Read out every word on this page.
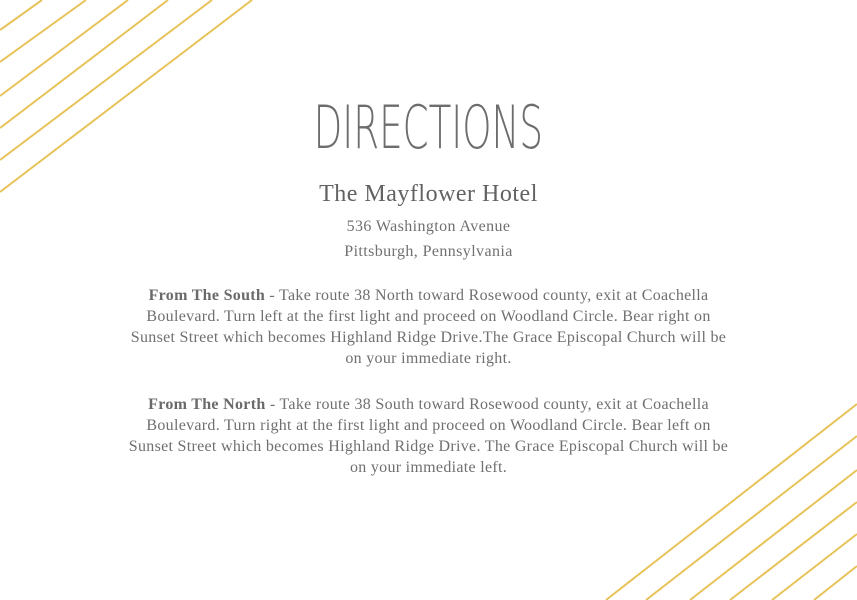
DIRECTIONS
The Mayflower Hotel
536 Washington Avenue
Pittsburgh, Pennsylvania
From The South - Take route 38 North toward Rosewood county, exit at Coachella Boulevard. Turn left at the first light and proceed on Woodland Circle. Bear right on Sunset Street which becomes Highland Ridge Drive.The Grace Episcopal Church will be on your immediate right.
From The North - Take route 38 South toward Rosewood county, exit at Coachella Boulevard. Turn right at the first light and proceed on Woodland Circle. Bear left on Sunset Street which becomes Highland Ridge Drive. The Grace Episcopal Church will be on your immediate left.
